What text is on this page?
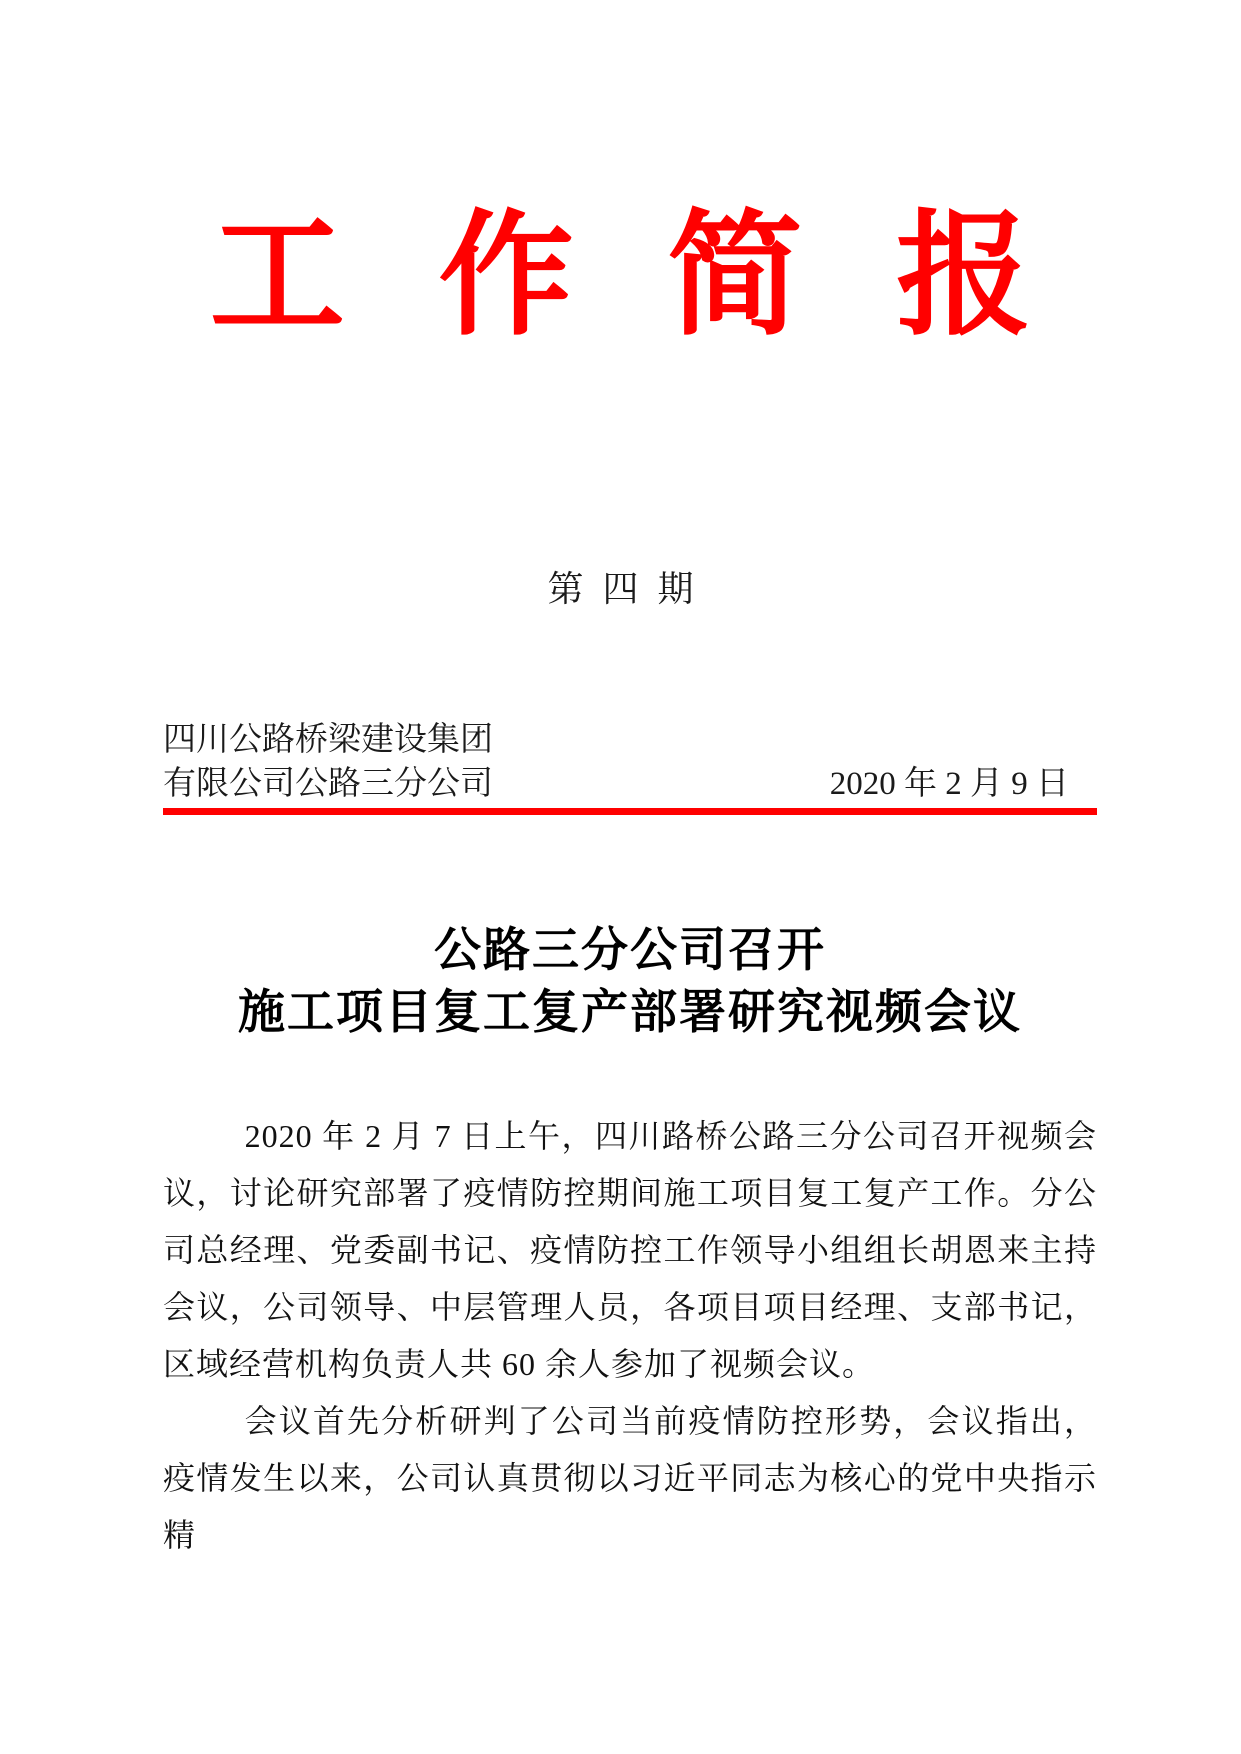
工 作 简 报
第 四 期
四川公路桥梁建设集团
有限公司公路三分公司	2020 年 2 月 9 日
公路三分公司召开
施工项目复工复产部署研究视频会议

2020 年 2 月 7 日上午，四川路桥公路三分公司召开视频会议，讨论研究部署了疫情防控期间施工项目复工复产工作。分公司总经理、党委副书记、疫情防控工作领导小组组长胡恩来主持会议，公司领导、中层管理人员，各项目项目经理、支部书记，区域经营机构负责人共 60 余人参加了视频会议。

会议首先分析研判了公司当前疫情防控形势，会议指出，疫情发生以来，公司认真贯彻以习近平同志为核心的党中央指示精
